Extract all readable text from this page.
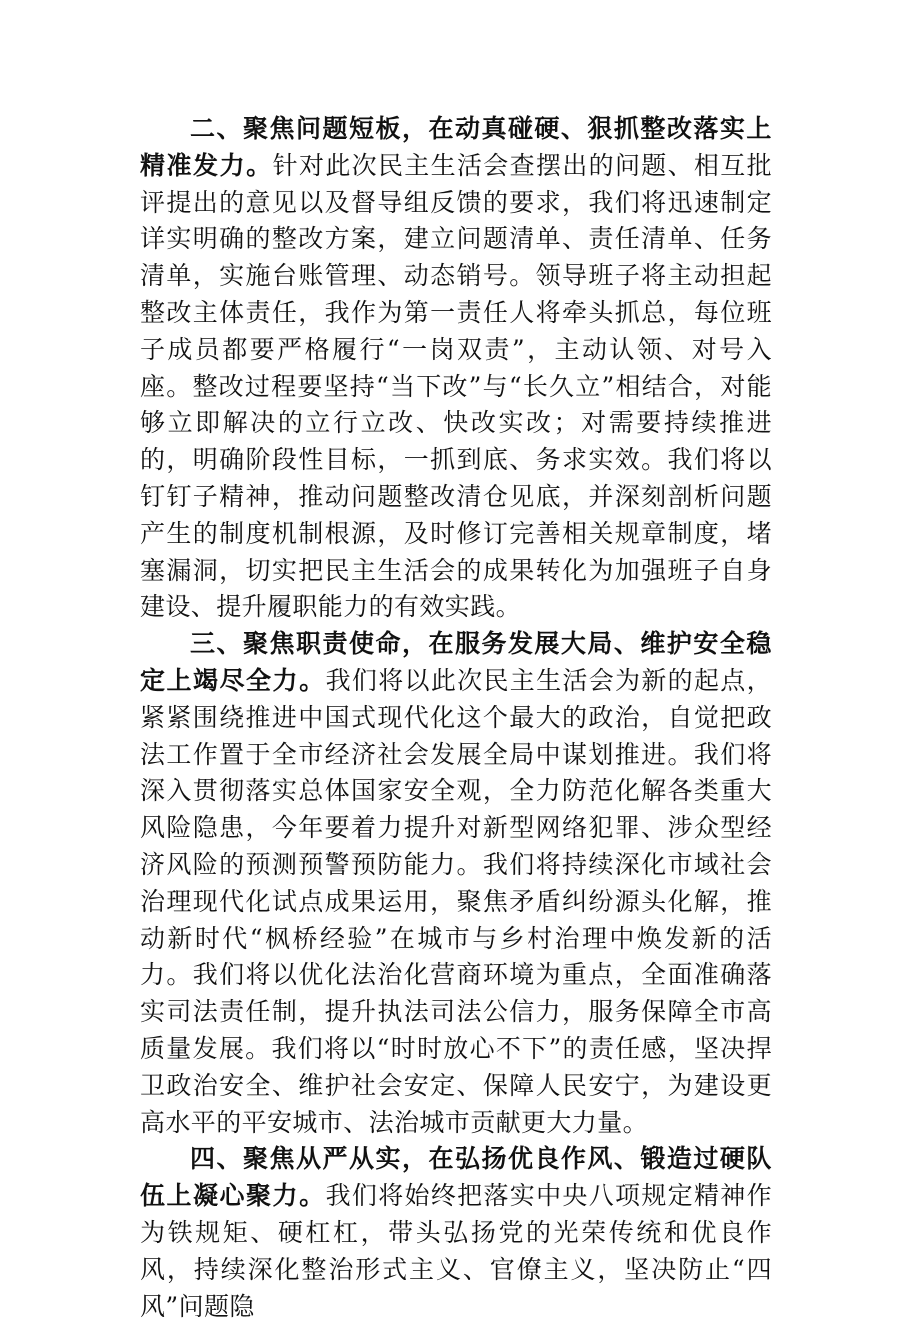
二、聚焦问题短板，在动真碰硬、狠抓整改落实上精准发力。针对此次民主生活会查摆出的问题、相互批评提出的意见以及督导组反馈的要求，我们将迅速制定详实明确的整改方案，建立问题清单、责任清单、任务清单，实施台账管理、动态销号。领导班子将主动担起整改主体责任，我作为第一责任人将牵头抓总，每位班子成员都要严格履行“一岗双责”，主动认领、对号入座。整改过程要坚持“当下改”与“长久立”相结合，对能够立即解决的立行立改、快改实改；对需要持续推进的，明确阶段性目标，一抓到底、务求实效。我们将以钉钉子精神，推动问题整改清仓见底，并深刻剖析问题产生的制度机制根源，及时修订完善相关规章制度，堵塞漏洞，切实把民主生活会的成果转化为加强班子自身建设、提升履职能力的有效实践。

三、聚焦职责使命，在服务发展大局、维护安全稳定上竭尽全力。我们将以此次民主生活会为新的起点，紧紧围绕推进中国式现代化这个最大的政治，自觉把政法工作置于全市经济社会发展全局中谋划推进。我们将深入贯彻落实总体国家安全观，全力防范化解各类重大风险隐患，今年要着力提升对新型网络犯罪、涉众型经济风险的预测预警预防能力。我们将持续深化市域社会治理现代化试点成果运用，聚焦矛盾纠纷源头化解，推动新时代“枫桥经验”在城市与乡村治理中焕发新的活力。我们将以优化法治化营商环境为重点，全面准确落实司法责任制，提升执法司法公信力，服务保障全市高质量发展。我们将以“时时放心不下”的责任感，坚决捍卫政治安全、维护社会安定、保障人民安宁，为建设更高水平的平安城市、法治城市贡献更大力量。

四、聚焦从严从实，在弘扬优良作风、锻造过硬队伍上凝心聚力。我们将始终把落实中央八项规定精神作为铁规矩、硬杠杠，带头弘扬党的光荣传统和优良作风，持续深化整治形式主义、官僚主义，坚决防止“四风”问题隐
